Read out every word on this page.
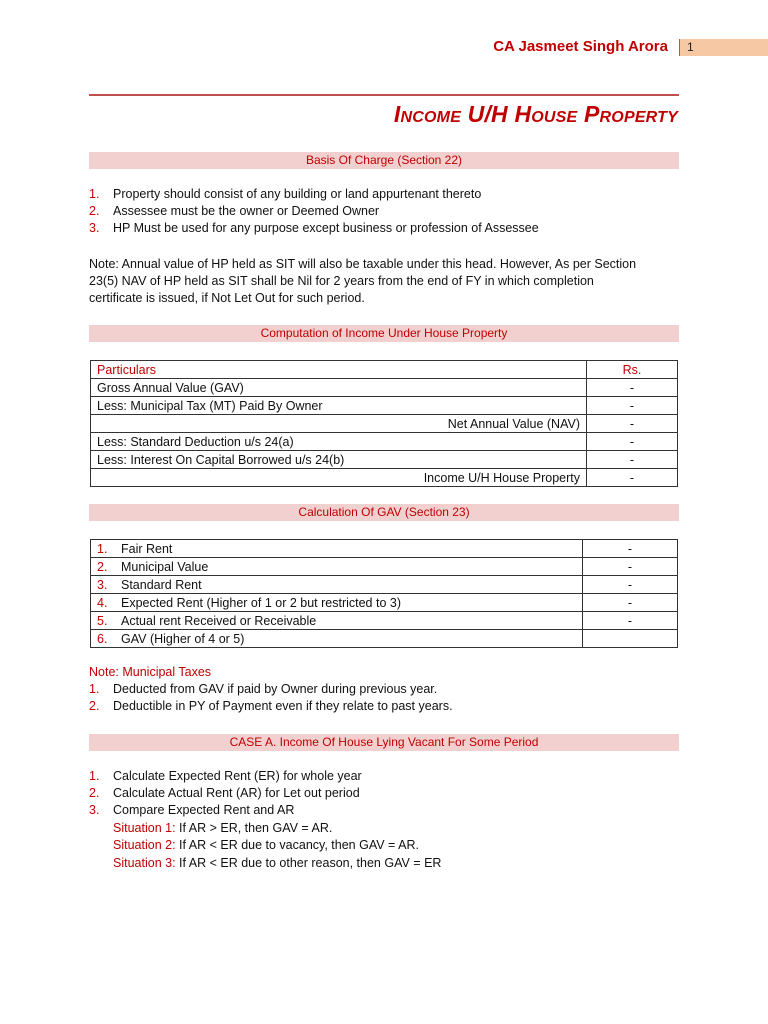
CA Jasmeet Singh Arora	1
Income U/H House Property
Basis Of Charge (Section 22)
1. Property should consist of any building or land appurtenant thereto
2. Assessee must be the owner or Deemed Owner
3. HP Must be used for any purpose except business or profession of Assessee
Note: Annual value of HP held as SIT will also be taxable under this head. However, As per Section
23(5) NAV of HP held as SIT shall be Nil for 2 years from the end of FY in which completion
certificate is issued, if Not Let Out for such period.
Computation of Income Under House Property
Particulars	Rs.
Gross Annual Value (GAV)	-
Less: Municipal Tax (MT) Paid By Owner	-
Net Annual Value (NAV)	-
Less: Standard Deduction u/s 24(a)	-
Less: Interest On Capital Borrowed u/s 24(b)	-
Income U/H House Property	-
Calculation Of GAV (Section 23)
1. Fair Rent	-
2. Municipal Value	-
3. Standard Rent	-
4. Expected Rent (Higher of 1 or 2 but restricted to 3)	-
5. Actual rent Received or Receivable	-
6. GAV (Higher of 4 or 5)	
Note: Municipal Taxes
1. Deducted from GAV if paid by Owner during previous year.
2. Deductible in PY of Payment even if they relate to past years.
CASE A. Income Of House Lying Vacant For Some Period
1. Calculate Expected Rent (ER) for whole year
2. Calculate Actual Rent (AR) for Let out period
3. Compare Expected Rent and AR
Situation 1: If AR > ER, then GAV = AR.
Situation 2: If AR < ER due to vacancy, then GAV = AR.
Situation 3: If AR < ER due to other reason, then GAV = ER
